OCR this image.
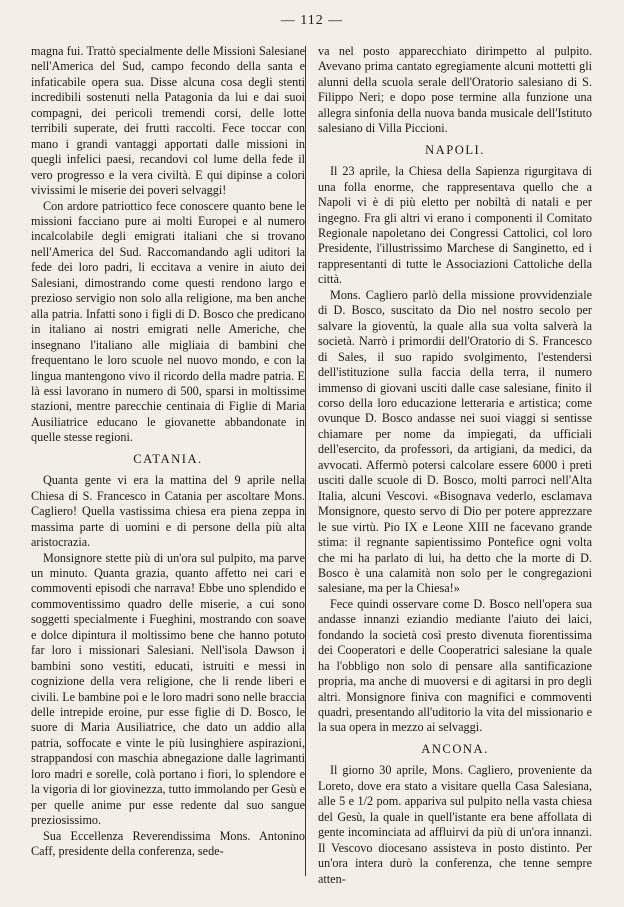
— 112 —

magna fui. Trattò specialmente delle Missioni Salesiane nell'America del Sud, campo fecondo della santa e infaticabile opera sua. Disse alcuna cosa degli stenti incredibili sostenuti nella Patagonia da lui e dai suoi compagni, dei pericoli tremendi corsi, delle lotte terribili superate, dei frutti raccolti. Fece toccar con mano i grandi vantaggi apportati dalle missioni in quegli infelici paesi, recandovi col lume della fede il vero progresso e la vera civiltà. E qui dipinse a colori vivissimi le miserie dei poveri selvaggi!

Con ardore patriottico fece conoscere quanto bene le missioni facciano pure ai molti Europei e al numero incalcolabile degli emigrati italiani che si trovano nell'America del Sud. Raccomandando agli uditori la fede dei loro padri, li eccitava a venire in aiuto dei Salesiani, dimostrando come questi rendono largo e prezioso servigio non solo alla religione, ma ben anche alla patria. Infatti sono i figli di D. Bosco che predicano in italiano ai nostri emigrati nelle Americhe, che insegnano l'italiano alle migliaia di bambini che frequentano le loro scuole nel nuovo mondo, e con la lingua mantengono vivo il ricordo della madre patria. E là essi lavorano in numero di 500, sparsi in moltissime stazioni, mentre parecchie centinaia di Figlie di Maria Ausiliatrice educano le giovanette abbandonate in quelle stesse regioni.

CATANIA.

Quanta gente vi era la mattina del 9 aprile nella Chiesa di S. Francesco in Catania per ascoltare Mons. Cagliero! Quella vastissima chiesa era piena zeppa in massima parte di uomini e di persone della più alta aristocrazia.

Monsignore stette più di un'ora sul pulpito, ma parve un minuto. Quanta grazia, quanto affetto nei cari e commoventi episodi che narrava! Ebbe uno splendido e commoventissimo quadro delle miserie, a cui sono soggetti specialmente i Fueghini, mostrando con soave e dolce dipintura il moltissimo bene che hanno potuto far loro i missionari Salesiani. Nell'isola Dawson i bambini sono vestiti, educati, istruiti e messi in cognizione della vera religione, che li rende liberi e civili. Le bambine poi e le loro madri sono nelle braccia delle intrepide eroine, pur esse figlie di D. Bosco, le suore di Maria Ausiliatrice, che dato un addio alla patria, soffocate e vinte le più lusinghiere aspirazioni, strappandosi con maschia abnegazione dalle lagrimanti loro madri e sorelle, colà portano i fiori, lo splendore e la vigoria di lor giovinezza, tutto immolando per Gesù e per quelle anime pur esse redente dal suo sangue preziosissimo.

Sua Eccellenza Reverendissima Mons. Antonino Caff, presidente della conferenza, sede-

va nel posto apparecchiato dirimpetto al pulpito. Avevano prima cantato egregiamente alcuni mottetti gli alunni della scuola serale dell'Oratorio salesiano di S. Filippo Neri; e dopo pose termine alla funzione una allegra sinfonia della nuova banda musicale dell'Istituto salesiano di Villa Piccioni.

NAPOLI.

Il 23 aprile, la Chiesa della Sapienza rigurgitava di una folla enorme, che rappresentava quello che a Napoli vi è di più eletto per nobiltà di natali e per ingegno. Fra gli altri vi erano i componenti il Comitato Regionale napoletano dei Congressi Cattolici, col loro Presidente, l'illustrissimo Marchese di Sanginetto, ed i rappresentanti di tutte le Associazioni Cattoliche della città.

Mons. Cagliero parlò della missione provvidenziale di D. Bosco, suscitato da Dio nel nostro secolo per salvare la gioventù, la quale alla sua volta salverà la società. Narrò i primordii dell'Oratorio di S. Francesco di Sales, il suo rapido svolgimento, l'estendersi dell'istituzione sulla faccia della terra, il numero immenso di giovani usciti dalle case salesiane, finito il corso della loro educazione letteraria e artistica; come ovunque D. Bosco andasse nei suoi viaggi si sentisse chiamare per nome da impiegati, da ufficiali dell'esercito, da professori, da artigiani, da medici, da avvocati. Affermò potersi calcolare essere 6000 i preti usciti dalle scuole di D. Bosco, molti parroci nell'Alta Italia, alcuni Vescovi. «Bisognava vederlo, esclamava Monsignore, questo servo di Dio per potere apprezzare le sue virtù. Pio IX e Leone XIII ne facevano grande stima: il regnante sapientissimo Pontefice ogni volta che mi ha parlato di lui, ha detto che la morte di D. Bosco è una calamità non solo per le congregazioni salesiane, ma per la Chiesa!»

Fece quindi osservare come D. Bosco nell'opera sua andasse innanzi eziandio mediante l'aiuto dei laici, fondando la società così presto divenuta fiorentissima dei Cooperatori e delle Cooperatrici salesiane la quale ha l'obbligo non solo di pensare alla santificazione propria, ma anche di muoversi e di agitarsi in pro degli altri. Monsignore finiva con magnifici e commoventi quadri, presentando all'uditorio la vita del missionario e la sua opera in mezzo ai selvaggi.

ANCONA.

Il giorno 30 aprile, Mons. Cagliero, proveniente da Loreto, dove era stato a visitare quella Casa Salesiana, alle 5 e 1/2 pom. appariva sul pulpito nella vasta chiesa del Gesù, la quale in quell'istante era bene affollata di gente incominciata ad affluirvi da più di un'ora innanzi. Il Vescovo diocesano assisteva in posto distinto. Per un'ora intera durò la conferenza, che tenne sempre atten-
